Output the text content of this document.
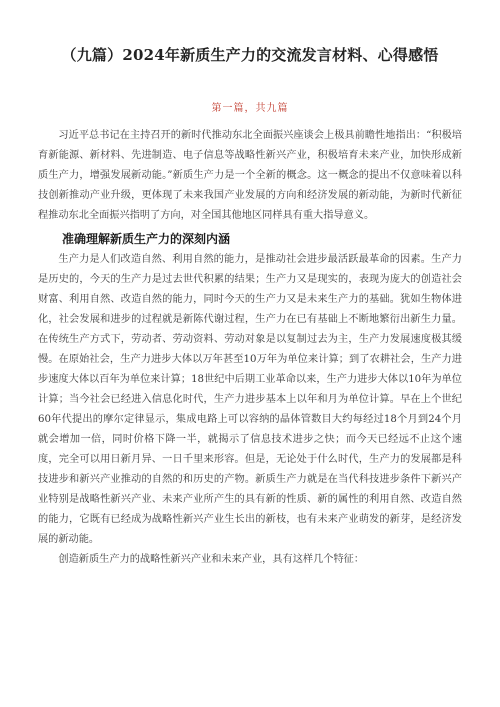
（九篇）2024年新质生产力的交流发言材料、心得感悟
第一篇，共九篇

习近平总书记在主持召开的新时代推动东北全面振兴座谈会上极具前瞻性地指出：“积极培育新能源、新材料、先进制造、电子信息等战略性新兴产业，积极培育未来产业，加快形成新质生产力，增强发展新动能。”新质生产力是一个全新的概念。这一概念的提出不仅意味着以科技创新推动产业升级，更体现了未来我国产业发展的方向和经济发展的新动能，为新时代新征程推动东北全面振兴指明了方向，对全国其他地区同样具有重大指导意义。

准确理解新质生产力的深刻内涵

生产力是人们改造自然、利用自然的能力，是推动社会进步最活跃最革命的因素。生产力是历史的，今天的生产力是过去世代积累的结果；生产力又是现实的，表现为庞大的创造社会财富、利用自然、改造自然的能力，同时今天的生产力又是未来生产力的基础。犹如生物体进化，社会发展和进步的过程就是新陈代谢过程，生产力在已有基础上不断地繁衍出新生力量。在传统生产方式下，劳动者、劳动资料、劳动对象是以复制过去为主，生产力发展速度极其缓慢。在原始社会，生产力进步大体以万年甚至10万年为单位来计算；到了农耕社会，生产力进步速度大体以百年为单位来计算；18世纪中后期工业革命以来，生产力进步大体以10年为单位计算；当今社会已经进入信息化时代，生产力进步基本上以年和月为单位计算。早在上个世纪60年代提出的摩尔定律显示，集成电路上可以容纳的晶体管数目大约每经过18个月到24个月就会增加一倍，同时价格下降一半，就揭示了信息技术进步之快；而今天已经远不止这个速度，完全可以用日新月异、一日千里来形容。但是，无论处于什么时代，生产力的发展都是科技进步和新兴产业推动的自然的和历史的产物。新质生产力就是在当代科技进步条件下新兴产业特别是战略性新兴产业、未来产业所产生的具有新的性质、新的属性的利用自然、改造自然的能力，它既有已经成为战略性新兴产业生长出的新枝，也有未来产业萌发的新芽，是经济发展的新动能。

创造新质生产力的战略性新兴产业和未来产业，具有这样几个特征：
